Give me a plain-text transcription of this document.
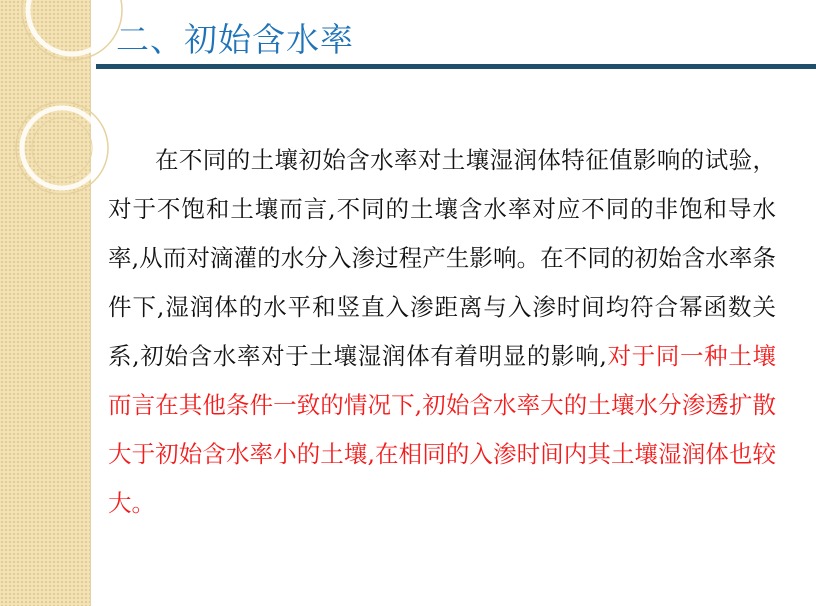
二、初始含水率
在不同的土壤初始含水率对土壤湿润体特征值影响的试验，对于不饱和土壤而言,不同的土壤含水率对应不同的非饱和导水率,从而对滴灌的水分入渗过程产生影响。在不同的初始含水率条件下,湿润体的水平和竖直入渗距离与入渗时间均符合幂函数关系,初始含水率对于土壤湿润体有着明显的影响,对于同一种土壤而言在其他条件一致的情况下,初始含水率大的土壤水分渗透扩散大于初始含水率小的土壤,在相同的入渗时间内其土壤湿润体也较大。
